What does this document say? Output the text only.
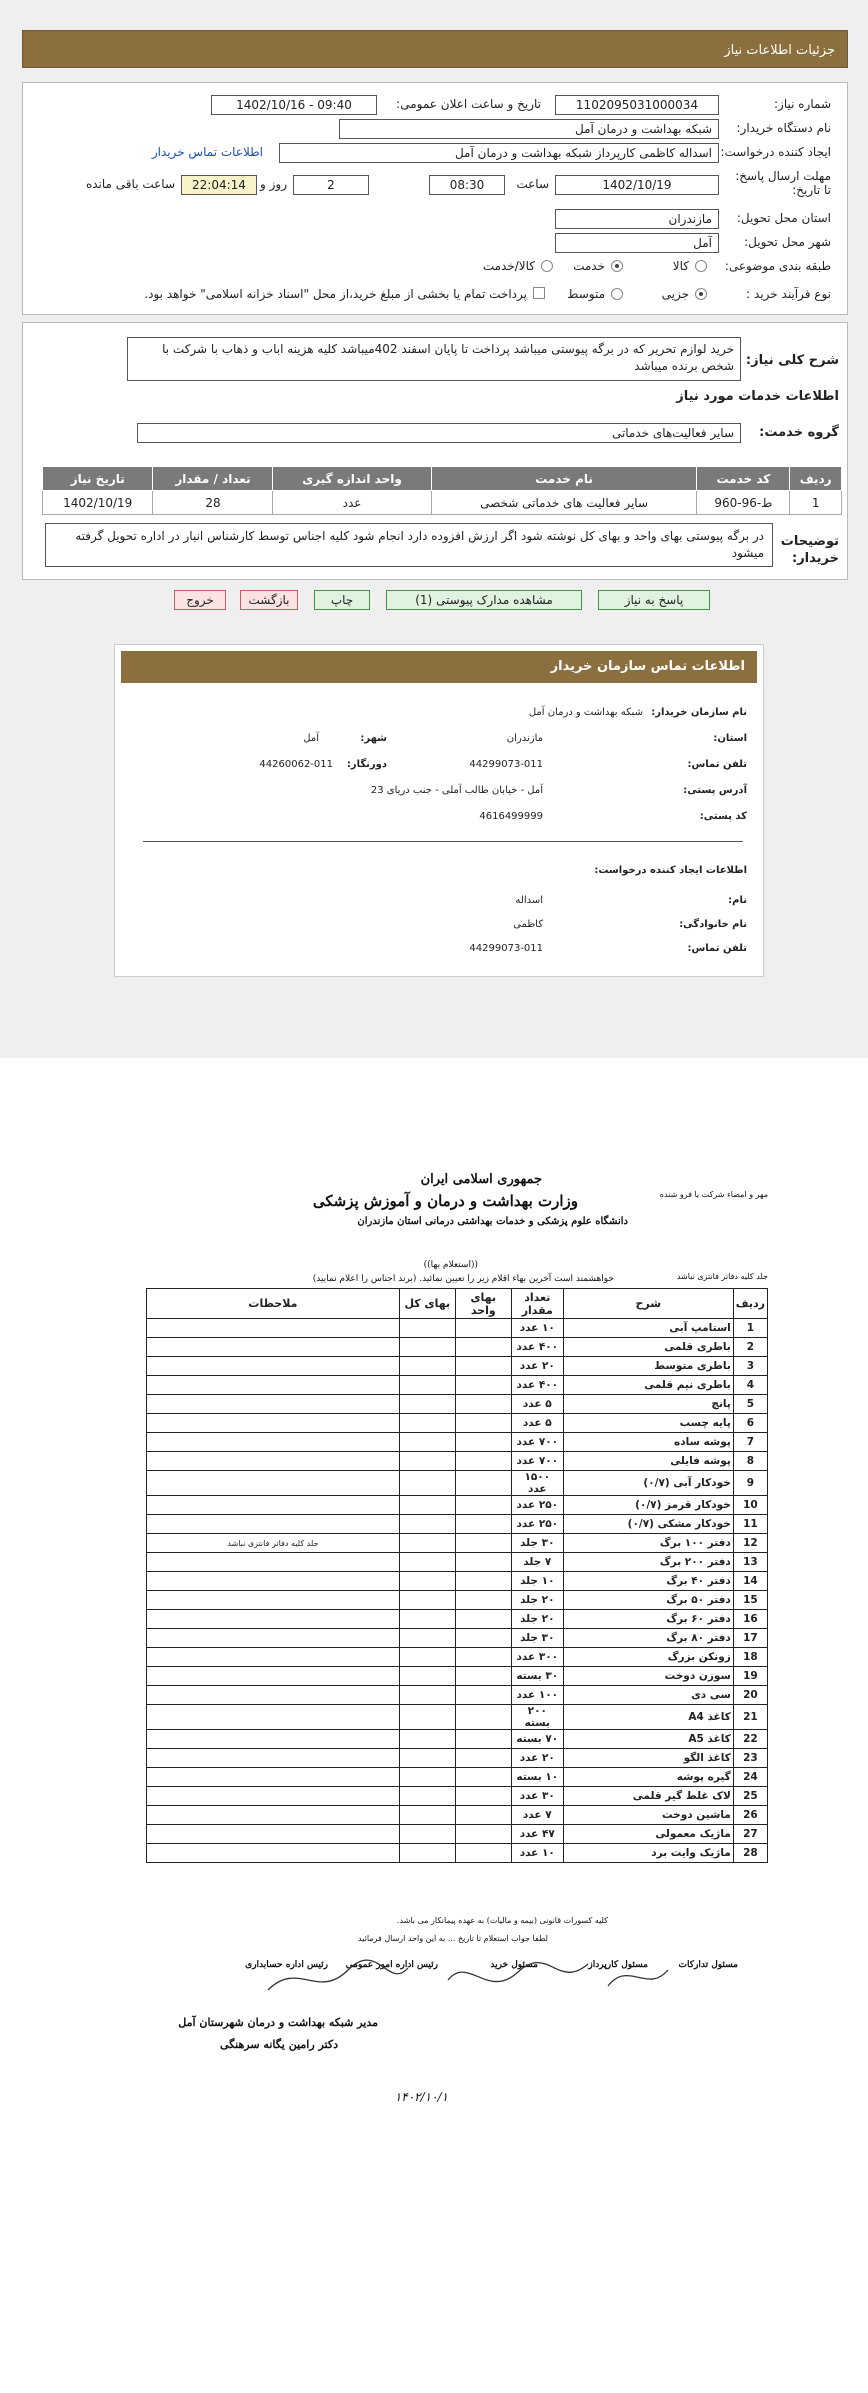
جزئیات اطلاعات نیاز
شماره نیاز:
1102095031000034
تاریخ و ساعت اعلان عمومی:
1402/10/16 - 09:40
نام دستگاه خریدار:
شبکه بهداشت و درمان آمل
ایجاد کننده درخواست:
اسداله کاظمی کارپرداز شبکه بهداشت و درمان آمل
اطلاعات تماس خریدار
مهلت ارسال پاسخ: تا تاریخ:
1402/10/19
ساعت
08:30
2
روز و
22:04:14
ساعت باقی مانده
استان محل تحویل:
مازندران
شهر محل تحویل:
آمل
طبقه بندی موضوعی:
کالا
خدمت
کالا/خدمت
نوع فرآیند خرید :
جزیی
متوسط
پرداخت تمام یا بخشی از مبلغ خرید،از محل "اسناد خزانه اسلامی" خواهد بود.
شرح کلی نیاز:
خرید لوازم تحریر که در برگه پیوستی میباشد پرداخت تا پایان اسفند 402میباشد کلیه هزینه اباب و ذهاب با شرکت با شخص برنده میباشد
اطلاعات خدمات مورد نیاز
گروه خدمت:
سایر فعالیت‌های خدماتی
توضیحات خریدار:
در برگه پیوستی بهای واحد و بهای کل نوشته شود اگر ارزش افزوده دارد انجام شود کلیه اجناس توسط کارشناس انبار در اداره تحویل گرفته میشود
ردیف	کد خدمت	نام خدمت	واحد اندازه گیری	تعداد / مقدار	تاریخ نیاز
1	ط-96-960	سایر فعالیت های خدماتی شخصی	عدد	28	1402/10/19
پاسخ به نیاز
مشاهده مدارک پیوستی (1)
چاپ
بازگشت
خروج
اطلاعات تماس سازمان خریدار
نام سازمان خریدار:
شبکه بهداشت و درمان آمل
استان:
مازندران
شهر:
آمل
تلفن تماس:
44299073-011
دورنگار:
44260062-011
آدرس پستی:
آمل - خیابان طالب آملی - جنب دریای 23
کد پستی:
4616499999
اطلاعات ایجاد کننده درخواست:
نام:
اسداله
نام خانوادگی:
کاظمی
تلفن تماس:
44299073-011
جمهوری اسلامی ایران
وزارت بهداشت و درمان و آموزش پزشکی
دانشگاه علوم پزشکی و خدمات بهداشتی درمانی استان مازندران
مهر و امضاء شرکت یا فرو شنده
((استعلام بها))
خواهشمند است آخرین بهاء اقلام زیر را تعیین نمائید. (برند اجناس را اعلام نمایید)	جلد کلیه دفاتر فانتزی نباشد
ردیف	شرح	تعداد مقدار	بهای واحد	بهای کل	ملاحظات
1	استامپ آبی	۱۰ عدد			
2	باطری قلمی	۴۰۰ عدد			
3	باطری متوسط	۲۰ عدد			
4	باطری نیم قلمی	۴۰۰ عدد			
5	پانچ	۵ عدد			
6	پایه چسب	۵ عدد			
7	پوشه ساده	۷۰۰ عدد			
8	پوشه فایلی	۷۰۰ عدد			
9	خودکار آبی (۰/۷)	۱۵۰۰ عدد			
10	خودکار قرمز (۰/۷)	۲۵۰ عدد			
11	خودکار مشکی (۰/۷)	۲۵۰ عدد			
12	دفتر ۱۰۰ برگ	۳۰ جلد			جلد کلیه دفاتر فانتزی نباشد
13	دفتر ۲۰۰ برگ	۷ جلد			
14	دفتر ۴۰ برگ	۱۰ جلد			
15	دفتر ۵۰ برگ	۲۰ جلد			
16	دفتر ۶۰ برگ	۲۰ جلد			
17	دفتر ۸۰ برگ	۳۰ جلد			
18	زونکن بزرگ	۳۰۰ عدد			
19	سوزن دوخت	۳۰ بسته			
20	سی دی	۱۰۰ عدد			
21	کاغذ A4	۲۰۰ بسته			
22	کاغذ A5	۷۰ بسته			
23	کاغذ الگو	۲۰ عدد			
24	گیره پوشه	۱۰ بسته			
25	لاک غلط گیر قلمی	۳۰ عدد			
26	ماشین دوخت	۷ عدد			
27	ماژیک معمولی	۴۷ عدد			
28	ماژیک وایت برد	۱۰ عدد			
کلیه کسورات قانونی (بیمه و مالیات) به عهده پیمانکار می باشد.
لطفا جواب استعلام تا تاریخ ... به این واحد ارسال فرمائید
مسئول تدارکات
مسئول کارپرداز
مسئول خرید
رئیس اداره امور عمومی
رئیس اداره حسابداری
مدیر شبکه بهداشت و درمان شهرستان آمل
دکتر رامین یگانه سرهنگی
۱۴۰۲/۱۰/۱
